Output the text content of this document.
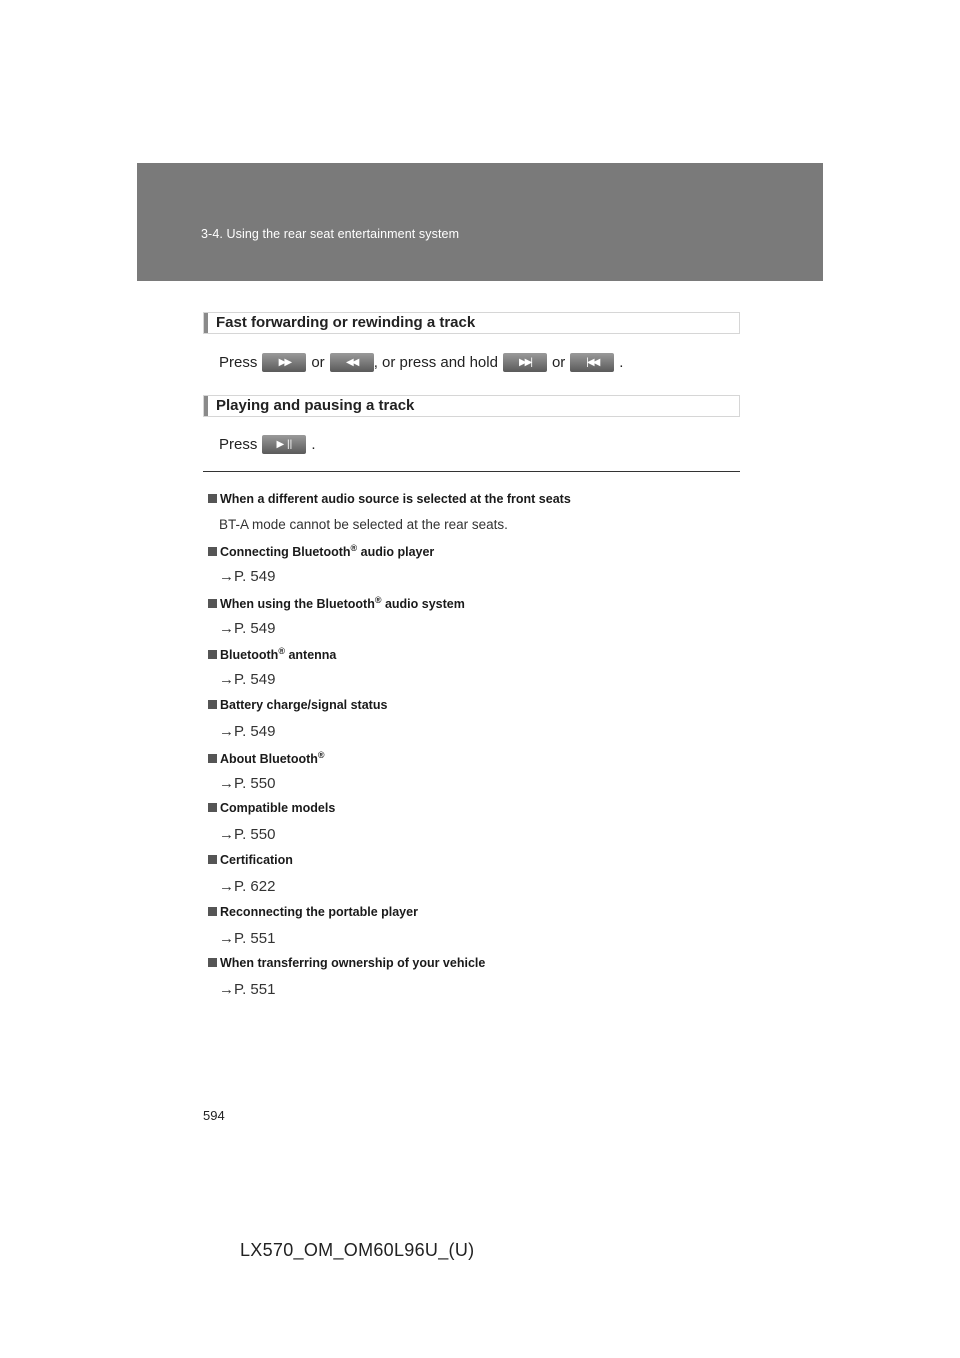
3-4. Using the rear seat entertainment system
Fast forwarding or rewinding a track
Press	▶▶	or	◀◀	, or press and hold	▶▶|	or	|◀◀	.
Playing and pausing a track
Press	▶ ||	.
When a different audio source is selected at the front seats
BT-A mode cannot be selected at the rear seats.
Connecting Bluetooth® audio player
→P. 549
When using the Bluetooth® audio system
→P. 549
Bluetooth® antenna
→P. 549
Battery charge/signal status
→P. 549
About Bluetooth®
→P. 550
Compatible models
→P. 550
Certification
→P. 622
Reconnecting the portable player
→P. 551
When transferring ownership of your vehicle
→P. 551
594
LX570_OM_OM60L96U_(U)
